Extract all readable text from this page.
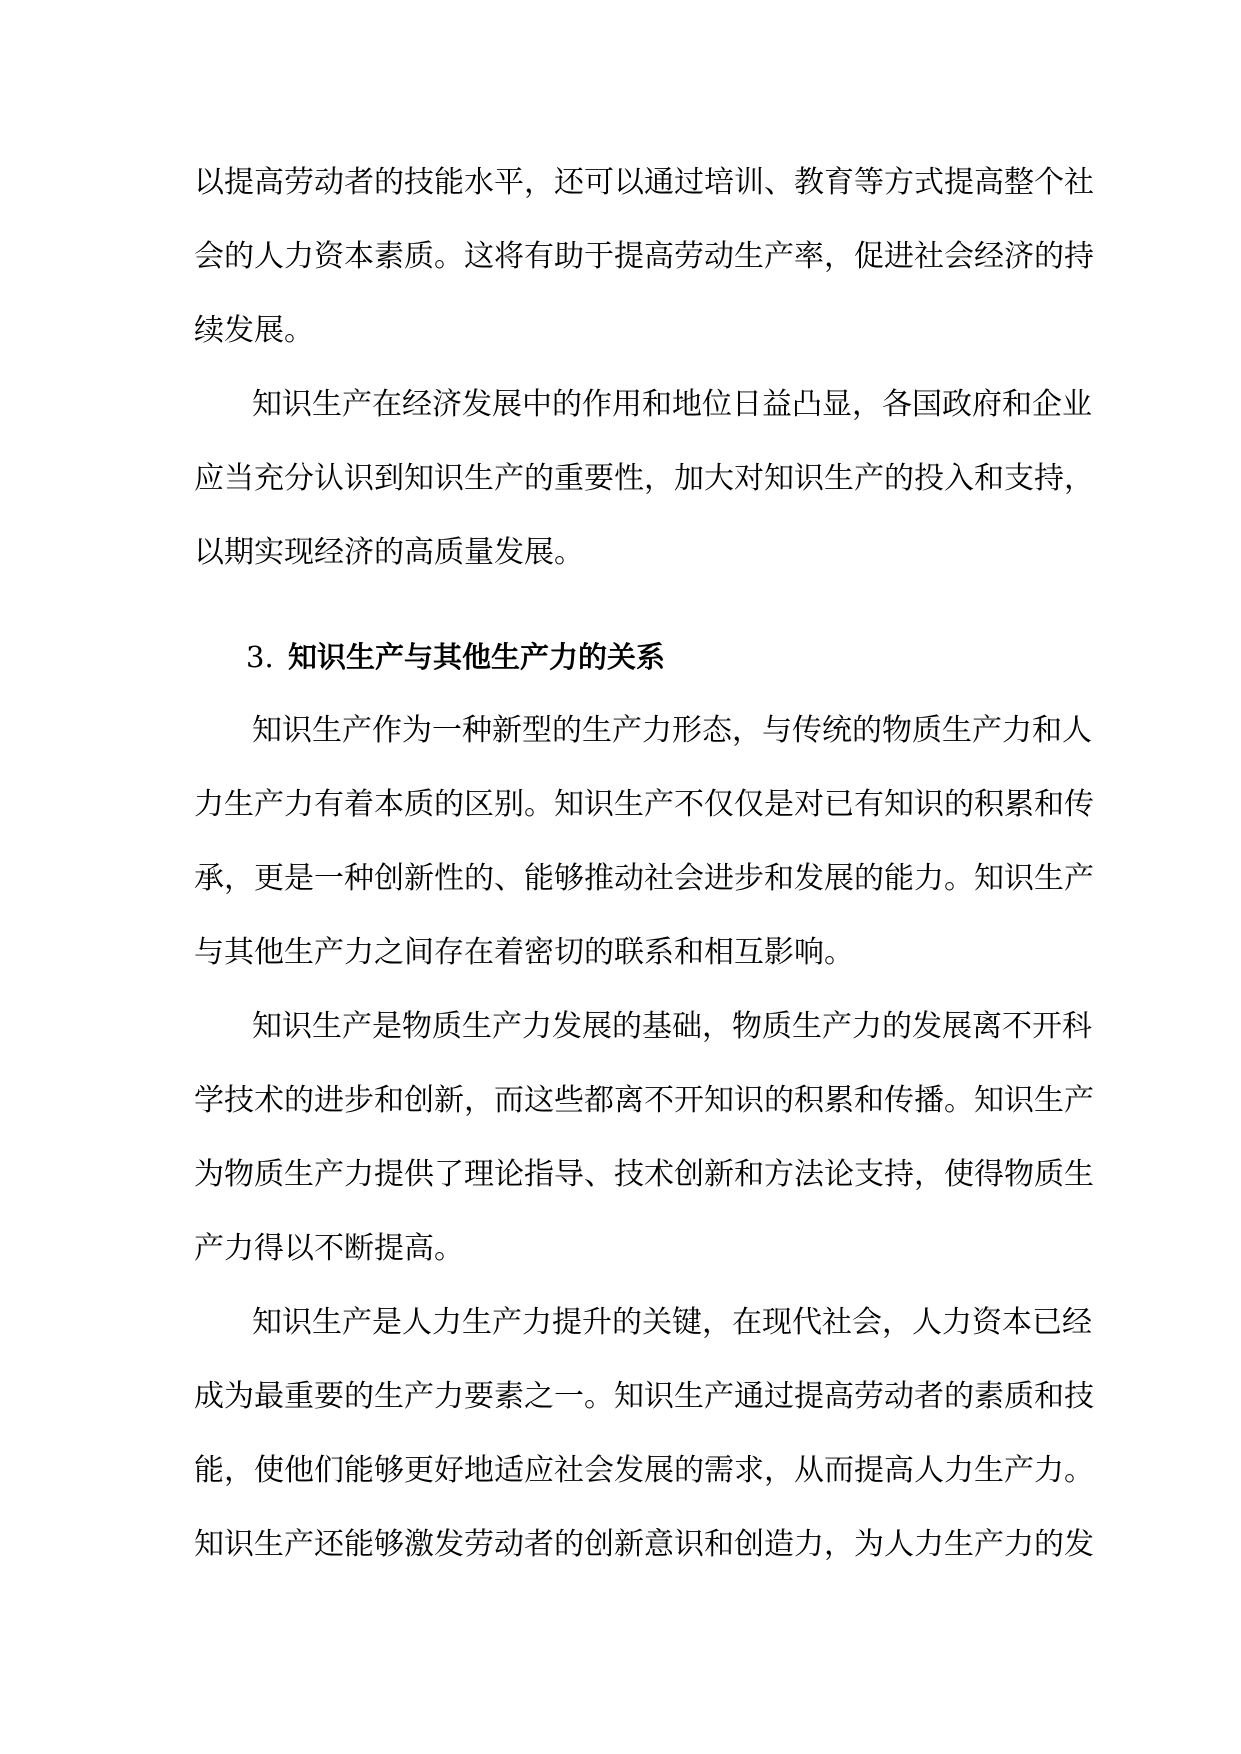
以提高劳动者的技能水平，还可以通过培训、教育等方式提高整个社
会的人力资本素质。这将有助于提高劳动生产率，促进社会经济的持
续发展。
知识生产在经济发展中的作用和地位日益凸显，各国政府和企业
应当充分认识到知识生产的重要性，加大对知识生产的投入和支持，
以期实现经济的高质量发展。
3. 知识生产与其他生产力的关系
知识生产作为一种新型的生产力形态，与传统的物质生产力和人
力生产力有着本质的区别。知识生产不仅仅是对已有知识的积累和传
承，更是一种创新性的、能够推动社会进步和发展的能力。知识生产
与其他生产力之间存在着密切的联系和相互影响。
知识生产是物质生产力发展的基础，物质生产力的发展离不开科
学技术的进步和创新，而这些都离不开知识的积累和传播。知识生产
为物质生产力提供了理论指导、技术创新和方法论支持，使得物质生
产力得以不断提高。
知识生产是人力生产力提升的关键，在现代社会，人力资本已经
成为最重要的生产力要素之一。知识生产通过提高劳动者的素质和技
能，使他们能够更好地适应社会发展的需求，从而提高人力生产力。
知识生产还能够激发劳动者的创新意识和创造力，为人力生产力的发
